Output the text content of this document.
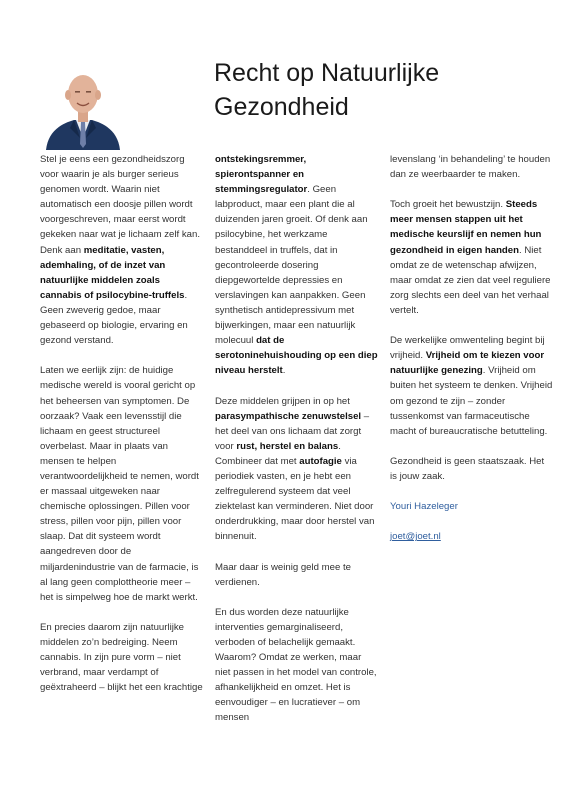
Recht op Natuurlijke
Gezondheid

Stel je eens een gezondheidszorg voor waarin je als burger serieus genomen wordt. Waarin niet automatisch een doosje pillen wordt voorgeschreven, maar eerst wordt gekeken naar wat je lichaam zelf kan. Denk aan meditatie, vasten, ademhaling, of de inzet van natuurlijke middelen zoals cannabis of psilocybine-truffels. Geen zweverig gedoe, maar gebaseerd op biologie, ervaring en gezond verstand.

Laten we eerlijk zijn: de huidige medische wereld is vooral gericht op het beheersen van symptomen. De oorzaak? Vaak een levensstijl die lichaam en geest structureel overbelast. Maar in plaats van mensen te helpen verantwoordelijkheid te nemen, wordt er massaal uitgeweken naar chemische oplossingen. Pillen voor stress, pillen voor pijn, pillen voor slaap. Dat dit systeem wordt aangedreven door de miljardenindustrie van de farmacie, is al lang geen complottheorie meer – het is simpelweg hoe de markt werkt.

En precies daarom zijn natuurlijke middelen zo’n bedreiging. Neem cannabis. In zijn pure vorm – niet verbrand, maar verdampt of geëxtraheerd – blijkt het een krachtige

ontstekingsremmer, spierontspanner en stemmingsregulator. Geen labproduct, maar een plant die al duizenden jaren groeit. Of denk aan psilocybine, het werkzame bestanddeel in truffels, dat in gecontroleerde dosering diepgewortelde depressies en verslavingen kan aanpakken. Geen synthetisch antidepressivum met bijwerkingen, maar een natuurlijk molecuul dat de serotoninehuishouding op een diep niveau herstelt.

Deze middelen grijpen in op het parasympathische zenuwstelsel – het deel van ons lichaam dat zorgt voor rust, herstel en balans. Combineer dat met autofagie via periodiek vasten, en je hebt een zelfregulerend systeem dat veel ziektelast kan verminderen. Niet door onderdrukking, maar door herstel van binnenuit.

Maar daar is weinig geld mee te verdienen.

En dus worden deze natuurlijke interventies gemarginaliseerd, verboden of belachelijk gemaakt. Waarom? Omdat ze werken, maar niet passen in het model van controle, afhankelijkheid en omzet. Het is eenvoudiger – en lucratiever – om mensen

levenslang ‘in behandeling’ te houden dan ze weerbaarder te maken.

Toch groeit het bewustzijn. Steeds meer mensen stappen uit het medische keurslijf en nemen hun gezondheid in eigen handen. Niet omdat ze de wetenschap afwijzen, maar omdat ze zien dat veel reguliere zorg slechts een deel van het verhaal vertelt.

De werkelijke omwenteling begint bij vrijheid. Vrijheid om te kiezen voor natuurlijke genezing. Vrijheid om buiten het systeem te denken. Vrijheid om gezond te zijn – zonder tussenkomst van farmaceutische macht of bureaucratische betutteling.

Gezondheid is geen staatszaak. Het is jouw zaak.

Youri Hazeleger

joet@joet.nl
